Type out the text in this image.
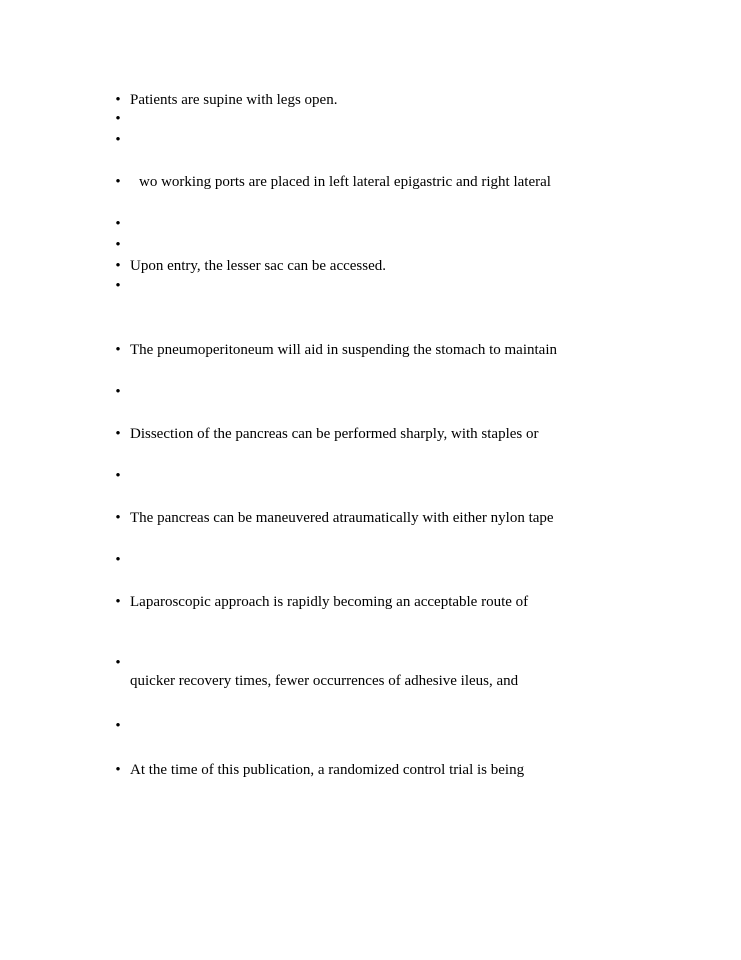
• Patients are supine with legs open.
•
•
• wo working ports are placed in left lateral epigastric and right lateral
•
•
• Upon entry, the lesser sac can be accessed.
•
• The pneumoperitoneum will aid in suspending the stomach to maintain
•
• Dissection of the pancreas can be performed sharply, with staples or
•
• The pancreas can be maneuvered atraumatically with either nylon tape
•
• Laparoscopic approach is rapidly becoming an acceptable route of
•
quicker recovery times, fewer occurrences of adhesive ileus, and
•
• At the time of this publication, a randomized control trial is being
